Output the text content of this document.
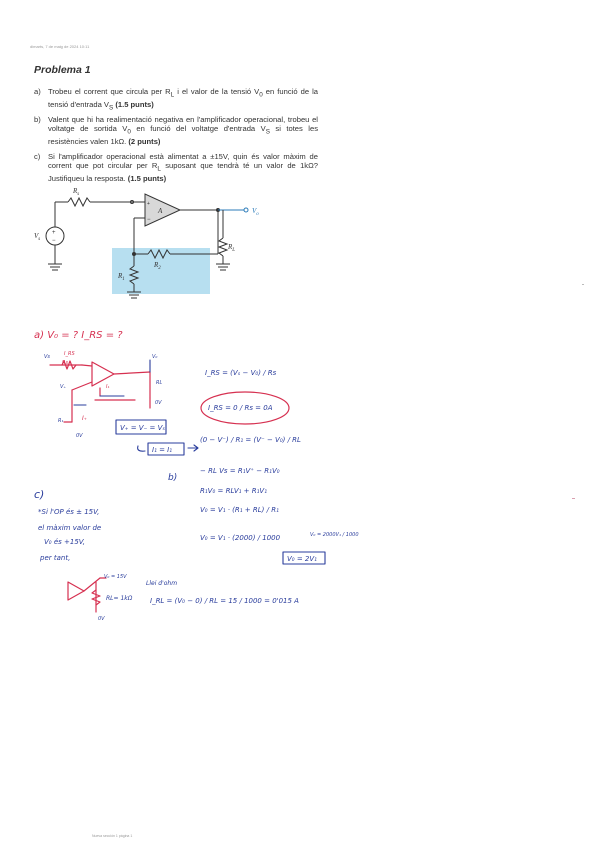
dimarts, 7 de maig de 2024 10:11
Problema 1
a) Trobeu el corrent que circula per $R_L$ i el valor de la tensió $V_0$ en funció de la tensió d'entrada $V_S$ (1.5 punts)
b) Valent que hi ha realimentació negativa en l'amplificador operacional, trobeu el voltatge de sortida $V_0$ en funció del voltatge d'entrada $V_S$ si totes les resistències valen 1kΩ. (2 punts)
c) Si l'amplificador operacional està alimentat a ±15V, quin és valor màxim de corrent que pot circular per $R_L$ suposant que tendrà té un valor de 1kΩ? Justifiqueu la resposta. (1.5 punts)
+
−
+
−
$R_s$
$V_s$
A	$V_o$
$R_L$
$R_2$
$R_1$
a) V₀ = ? I_RS = ?
Vs	I_RS
Rs
V₀
V₊	I₁
RL
0V
R₁	I₊
0V
V₊ = V₋ = Vₛ
I₁ = I₁
I_RS = (Vₛ − V₀) / Rs
I_RS = 0 / Rs = 0A
(0 − V⁻) / R₁ = (V⁻ − V₀) / RL
b)
− RL Vs = R₁V⁺ − R₁V₀
R₁V₀ = RLV₁ + R₁V₁
V₀ = V₁ · (R₁ + RL) / R₁
V₀ = V₁ · (2000) / 1000	V₀ = 2000V₁ / 1000
V₀ = 2V₁
c)
*Si l'OP és ± 15V,
el màxim valor de
V₀ és +15V,
per tant,
V₀ = 15V
RL= 1kΩ
0V
Llei d'ohm
I_RL = (V₀ − 0) / RL = 15 / 1000 = 0'015 A
Nueva sección 1 página 1
